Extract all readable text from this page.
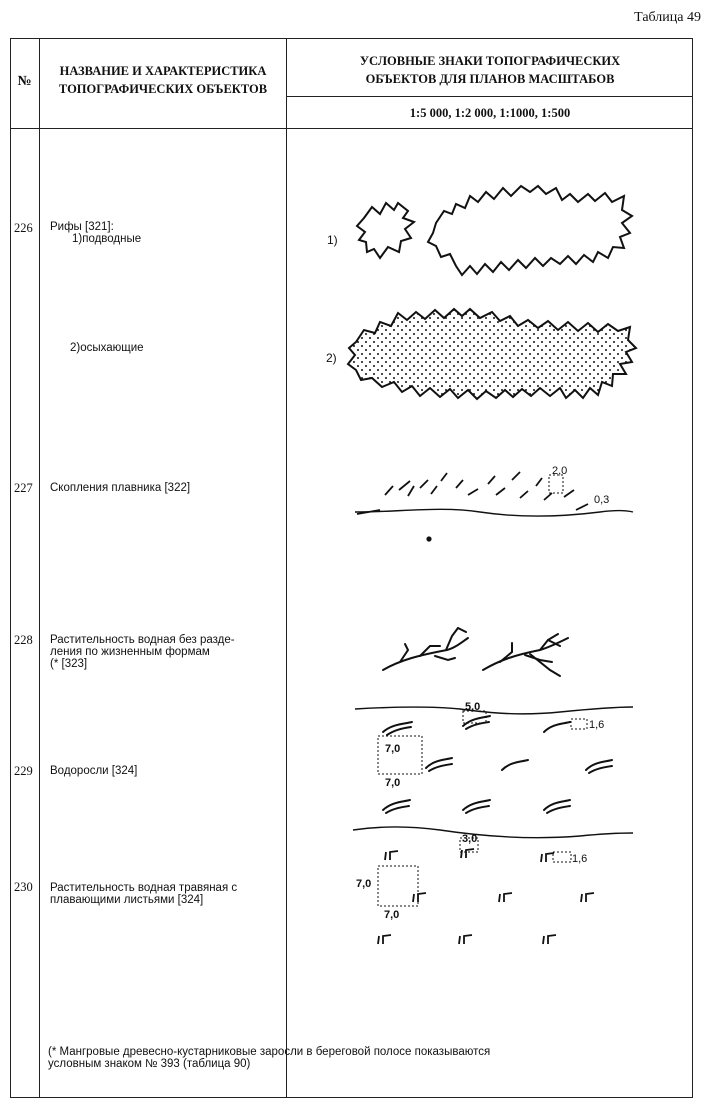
Таблица 49
№
НАЗВАНИЕ И ХАРАКТЕРИСТИКА
ТОПОГРАФИЧЕСКИХ ОБЪЕКТОВ
УСЛОВНЫЕ ЗНАКИ ТОПОГРАФИЧЕСКИХ
ОБЪЕКТОВ ДЛЯ ПЛАНОВ МАСШТАБОВ
1:5 000, 1:2 000, 1:1000, 1:500
226	Рифы [321]:
1)подводные
2)осыхающие
227	Скопления плавника [322]
228	Растительность водная без разде-
ления по жизненным формам
(* [323]
229	Водоросли [324]
230	Растительность водная травяная с
плавающими листьями [324]
1)
2)
2,0
0,3
5,0
1,6
7,0
7,0
3,0
1,6
7,0
7,0
(* Мангровые древесно-кустарниковые заросли в береговой полосе показываются
условным знаком № 393 (таблица 90)
